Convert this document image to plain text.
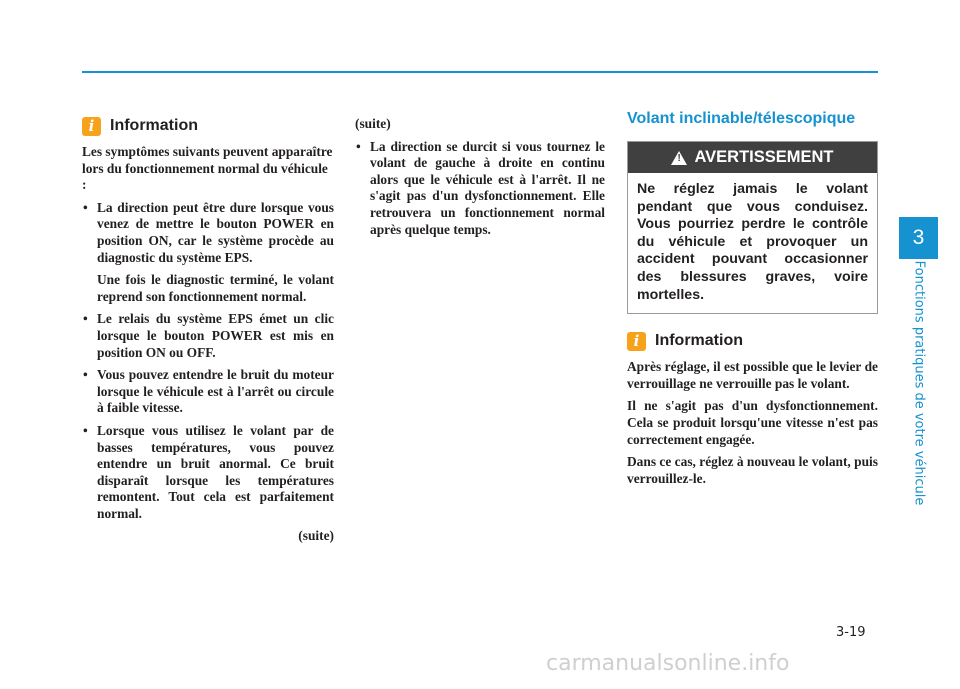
i Information

Les symptômes suivants peuvent apparaître lors du fonctionnement normal du véhicule :

• La direction peut être dure lorsque vous venez de mettre le bouton POWER en position ON, car le système procède au diagnostic du système EPS.

Une fois le diagnostic terminé, le volant reprend son fonctionnement normal.

• Le relais du système EPS émet un clic lorsque le bouton POWER est mis en position ON ou OFF.

• Vous pouvez entendre le bruit du moteur lorsque le véhicule est à l'arrêt ou circule à faible vitesse.

• Lorsque vous utilisez le volant par de basses températures, vous pouvez entendre un bruit anormal. Ce bruit disparaît lorsque les températures remontent. Tout cela est parfaitement normal.

(suite)

(suite)

• La direction se durcit si vous tournez le volant de gauche à droite en continu alors que le véhicule est à l'arrêt. Il ne s'agit pas d'un dysfonctionnement. Elle retrouvera un fonctionnement normal après quelque temps.

Volant inclinable/télescopique
!
AVERTISSEMENT
Ne réglez jamais le volant pendant que vous conduisez. Vous pourriez perdre le contrôle du véhicule et provoquer un accident pouvant occasionner des blessures graves, voire mortelles.
i Information

Après réglage, il est possible que le levier de verrouillage ne verrouille pas le volant.

Il ne s'agit pas d'un dysfonctionnement. Cela se produit lorsqu'une vitesse n'est pas correctement engagée.

Dans ce cas, réglez à nouveau le volant, puis verrouillez-le.

3
Fonctions pratiques de votre véhicule
3-19
carmanualsonline.info
